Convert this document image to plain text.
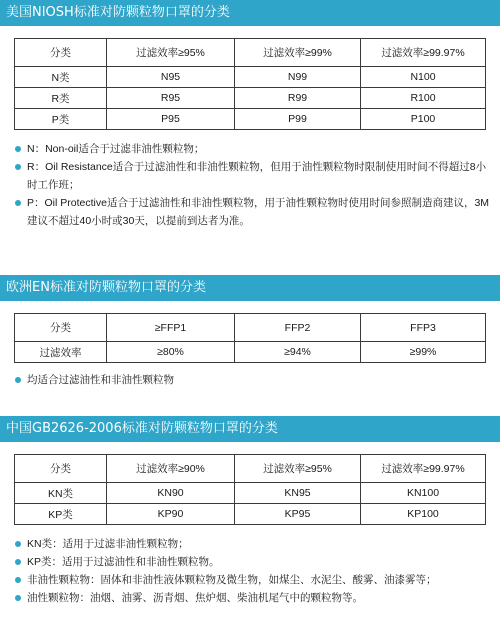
美国NIOSH标准对防颗粒物口罩的分类
分类	过滤效率≥95%	过滤效率≥99%	过滤效率≥99.97%
N类	N95	N99	N100
R类	R95	R99	R100
P类	P95	P99	P100
N：Non-oil适合于过滤非油性颗粒物；
R：Oil Resistance适合于过滤油性和非油性颗粒物，但用于油性颗粒物时限制使用时间不得超过8小时工作班；
P：Oil Protective适合于过滤油性和非油性颗粒物，用于油性颗粒物时使用时间参照制造商建议，3M建议不超过40小时或30天，以提前到达者为准。
欧洲EN标准对防颗粒物口罩的分类
分类	≥FFP1	FFP2	FFP3
过滤效率	≥80%	≥94%	≥99%
均适合过滤油性和非油性颗粒物
中国GB2626-2006标准对防颗粒物口罩的分类
分类	过滤效率≥90%	过滤效率≥95%	过滤效率≥99.97%
KN类	KN90	KN95	KN100
KP类	KP90	KP95	KP100
KN类：适用于过滤非油性颗粒物；
KP类：适用于过滤油性和非油性颗粒物。
非油性颗粒物：固体和非油性液体颗粒物及微生物，如煤尘、水泥尘、酸雾、油漆雾等；
油性颗粒物：油烟、油雾、沥青烟、焦炉烟、柴油机尾气中的颗粒物等。
